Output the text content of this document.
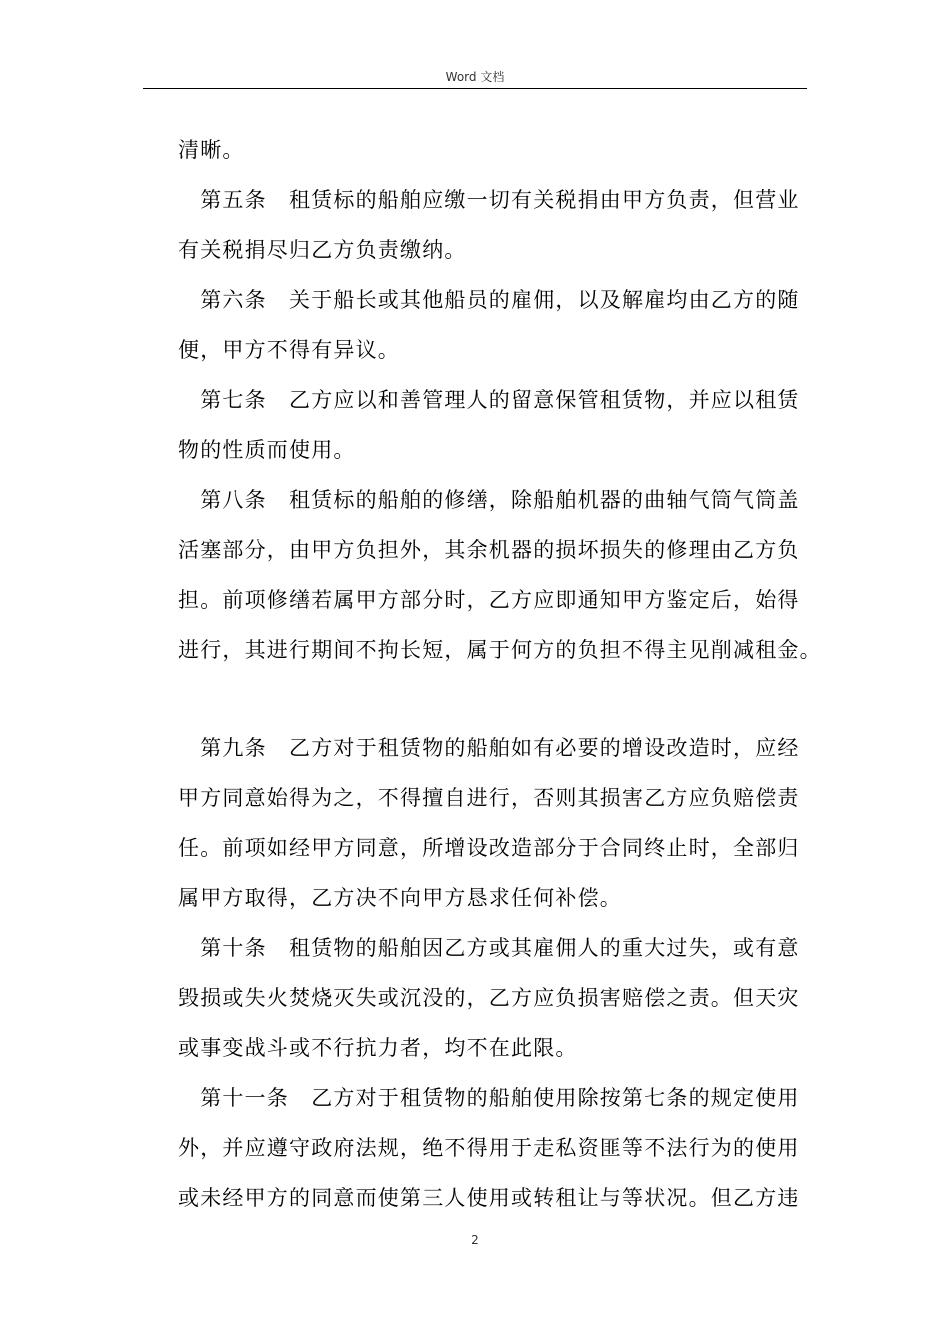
Word 文档
清晰。
　第五条　租赁标的船舶应缴一切有关税捐由甲方负责，但营业
有关税捐尽归乙方负责缴纳。
　第六条　关于船长或其他船员的雇佣，以及解雇均由乙方的随
便，甲方不得有异议。
　第七条　乙方应以和善管理人的留意保管租赁物，并应以租赁
物的性质而使用。
　第八条　租赁标的船舶的修缮，除船舶机器的曲轴气筒气筒盖
活塞部分，由甲方负担外，其余机器的损坏损失的修理由乙方负
担。前项修缮若属甲方部分时，乙方应即通知甲方鉴定后，始得
进行，其进行期间不拘长短，属于何方的负担不得主见削减租金。
　第九条　乙方对于租赁物的船舶如有必要的增设改造时，应经
甲方同意始得为之，不得擅自进行，否则其损害乙方应负赔偿责
任。前项如经甲方同意，所增设改造部分于合同终止时，全部归
属甲方取得，乙方决不向甲方恳求任何补偿。
　第十条　租赁物的船舶因乙方或其雇佣人的重大过失，或有意
毁损或失火焚烧灭失或沉没的，乙方应负损害赔偿之责。但天灾
或事变战斗或不行抗力者，均不在此限。
　第十一条　乙方对于租赁物的船舶使用除按第七条的规定使用
外，并应遵守政府法规，绝不得用于走私资匪等不法行为的使用
或未经甲方的同意而使第三人使用或转租让与等状况。但乙方违
2
